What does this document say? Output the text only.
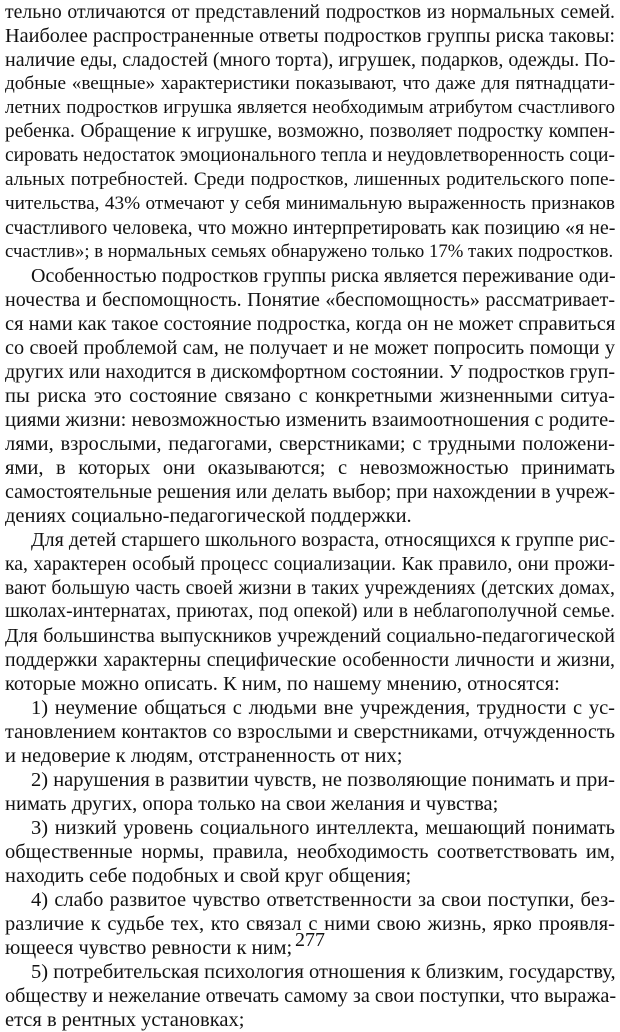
тельно отличаются от представлений подростков из нормальных семей.
Наиболее распространенные ответы подростков группы риска таковы:
наличие еды, сладостей (много торта), игрушек, подарков, одежды. По-
добные «вещные» характеристики показывают, что даже для пятнадцати-
летних подростков игрушка является необходимым атрибутом счастливого
ребенка. Обращение к игрушке, возможно, позволяет подростку компен-
сировать недостаток эмоционального тепла и неудовлетворенность соци-
альных потребностей. Среди подростков, лишенных родительского попе-
чительства, 43% отмечают у себя минимальную выраженность признаков
счастливого человека, что можно интерпретировать как позицию «я не-
счастлив»; в нормальных семьях обнаружено только 17% таких подростков.
Особенностью подростков группы риска является переживание оди-
ночества и беспомощность. Понятие «беспомощность» рассматривает-
ся нами как такое состояние подростка, когда он не может справиться
со своей проблемой сам, не получает и не может попросить помощи у
других или находится в дискомфортном состоянии. У подростков груп-
пы риска это состояние связано с конкретными жизненными ситуа-
циями жизни: невозможностью изменить взаимоотношения с родите-
лями, взрослыми, педагогами, сверстниками; с трудными положени-
ями, в которых они оказываются; с невозможностью принимать
самостоятельные решения или делать выбор; при нахождении в учреж-
дениях социально-педагогической поддержки.
Для детей старшего школьного возраста, относящихся к группе рис-
ка, характерен особый процесс социализации. Как правило, они прожи-
вают большую часть своей жизни в таких учреждениях (детских домах,
школах-интернатах, приютах, под опекой) или в неблагополучной семье.
Для большинства выпускников учреждений социально-педагогической
поддержки характерны специфические особенности личности и жизни,
которые можно описать. К ним, по нашему мнению, относятся:
1) неумение общаться с людьми вне учреждения, трудности с ус-
тановлением контактов со взрослыми и сверстниками, отчужденность
и недоверие к людям, отстраненность от них;
2) нарушения в развитии чувств, не позволяющие понимать и при-
нимать других, опора только на свои желания и чувства;
3) низкий уровень социального интеллекта, мешающий понимать
общественные нормы, правила, необходимость соответствовать им,
находить себе подобных и свой круг общения;
4) слабо развитое чувство ответственности за свои поступки, без-
различие к судьбе тех, кто связал с ними свою жизнь, ярко проявля-
ющееся чувство ревности к ним;
5) потребительская психология отношения к близким, государству,
обществу и нежелание отвечать самому за свои поступки, что выража-
ется в рентных установках;
277
